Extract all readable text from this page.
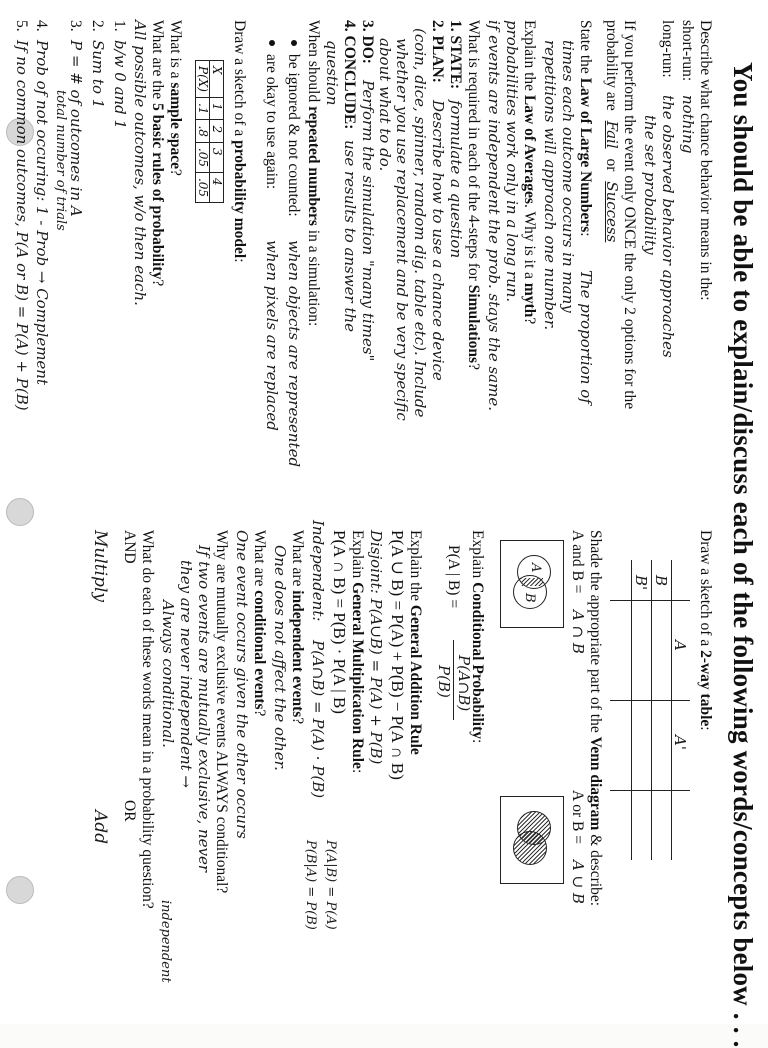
You should be able to explain/discuss each of the following words/concepts below . . .
Describe what chance behavior means in the:
short-run:
nothing
long-run:
the observed behavior approaches
the set probability
If you perform the event only ONCE the only 2 options for the
probability are Fail or Success
State the Law of Large Numbers:
The proportion of
times each outcome occurs in many
repetitions will approach one number.
Explain the Law of Averages. Why is it a myth?
probabilities work only in a long run.
if events are independent the prob. stays the same.
What is required in each of the 4-steps for Simulations?
1. STATE:
formulate a question
2. PLAN:
Describe how to use a chance device
(coin, dice, spinner, random dig. table etc). Include
whether you use replacement and be very specific
about what to do.
3. DO:
Perform the simulation "many times"
4. CONCLUDE:
use results to answer the
question
When should repeated numbers in a simulation:
be ignored & not counted:
when objects are represented
are okay to use again:
when pixels are replaced
Draw a sketch of a probability model:
X	1	2	3	4
P(X)	.1	.8	.05	.05
What is a sample space?
What are the 5 basic rules of probability?
All possible outcomes, w/o then each.
1.
b/w 0 and 1
2.
Sum to 1
3.
P = # of outcomes in A
total number of trials
4.
Prob of not occuring: 1 - Prob → Complement
5.
If no common outcomes, P(A or B) = P(A) + P(B)
Draw a sketch of a 2-way table:
A
A'
B
B'
Shade the appropriate part of the Venn diagram & describe:
A and B =
A ∩ B
A or B =
A ∪ B
A
B
Explain Conditional Probability:
P(A | B) =
P(A∩B)
P(B)
Explain the General Addition Rule
P(A ∪ B) = P(A) + P(B) − P(A ∩ B)
Disjoint: P(A∪B) = P(A) + P(B)
Explain General Multiplication Rule:
P(A ∩ B) = P(B) · P(A | B)
Independent:
P(A∩B) = P(A) · P(B)
P(A|B) = P(A)
P(B|A) = P(B)
What are independent events?
One does not affect the other.
What are conditional events?
One event occurs given the other occurs
Why are mutually exclusive events ALWAYS conditional?
If two events are mutually exclusive, never
they are never independent →
Always conditional.
independent
What do each of these words mean in a probability question?
AND
OR
Multiply
Add
